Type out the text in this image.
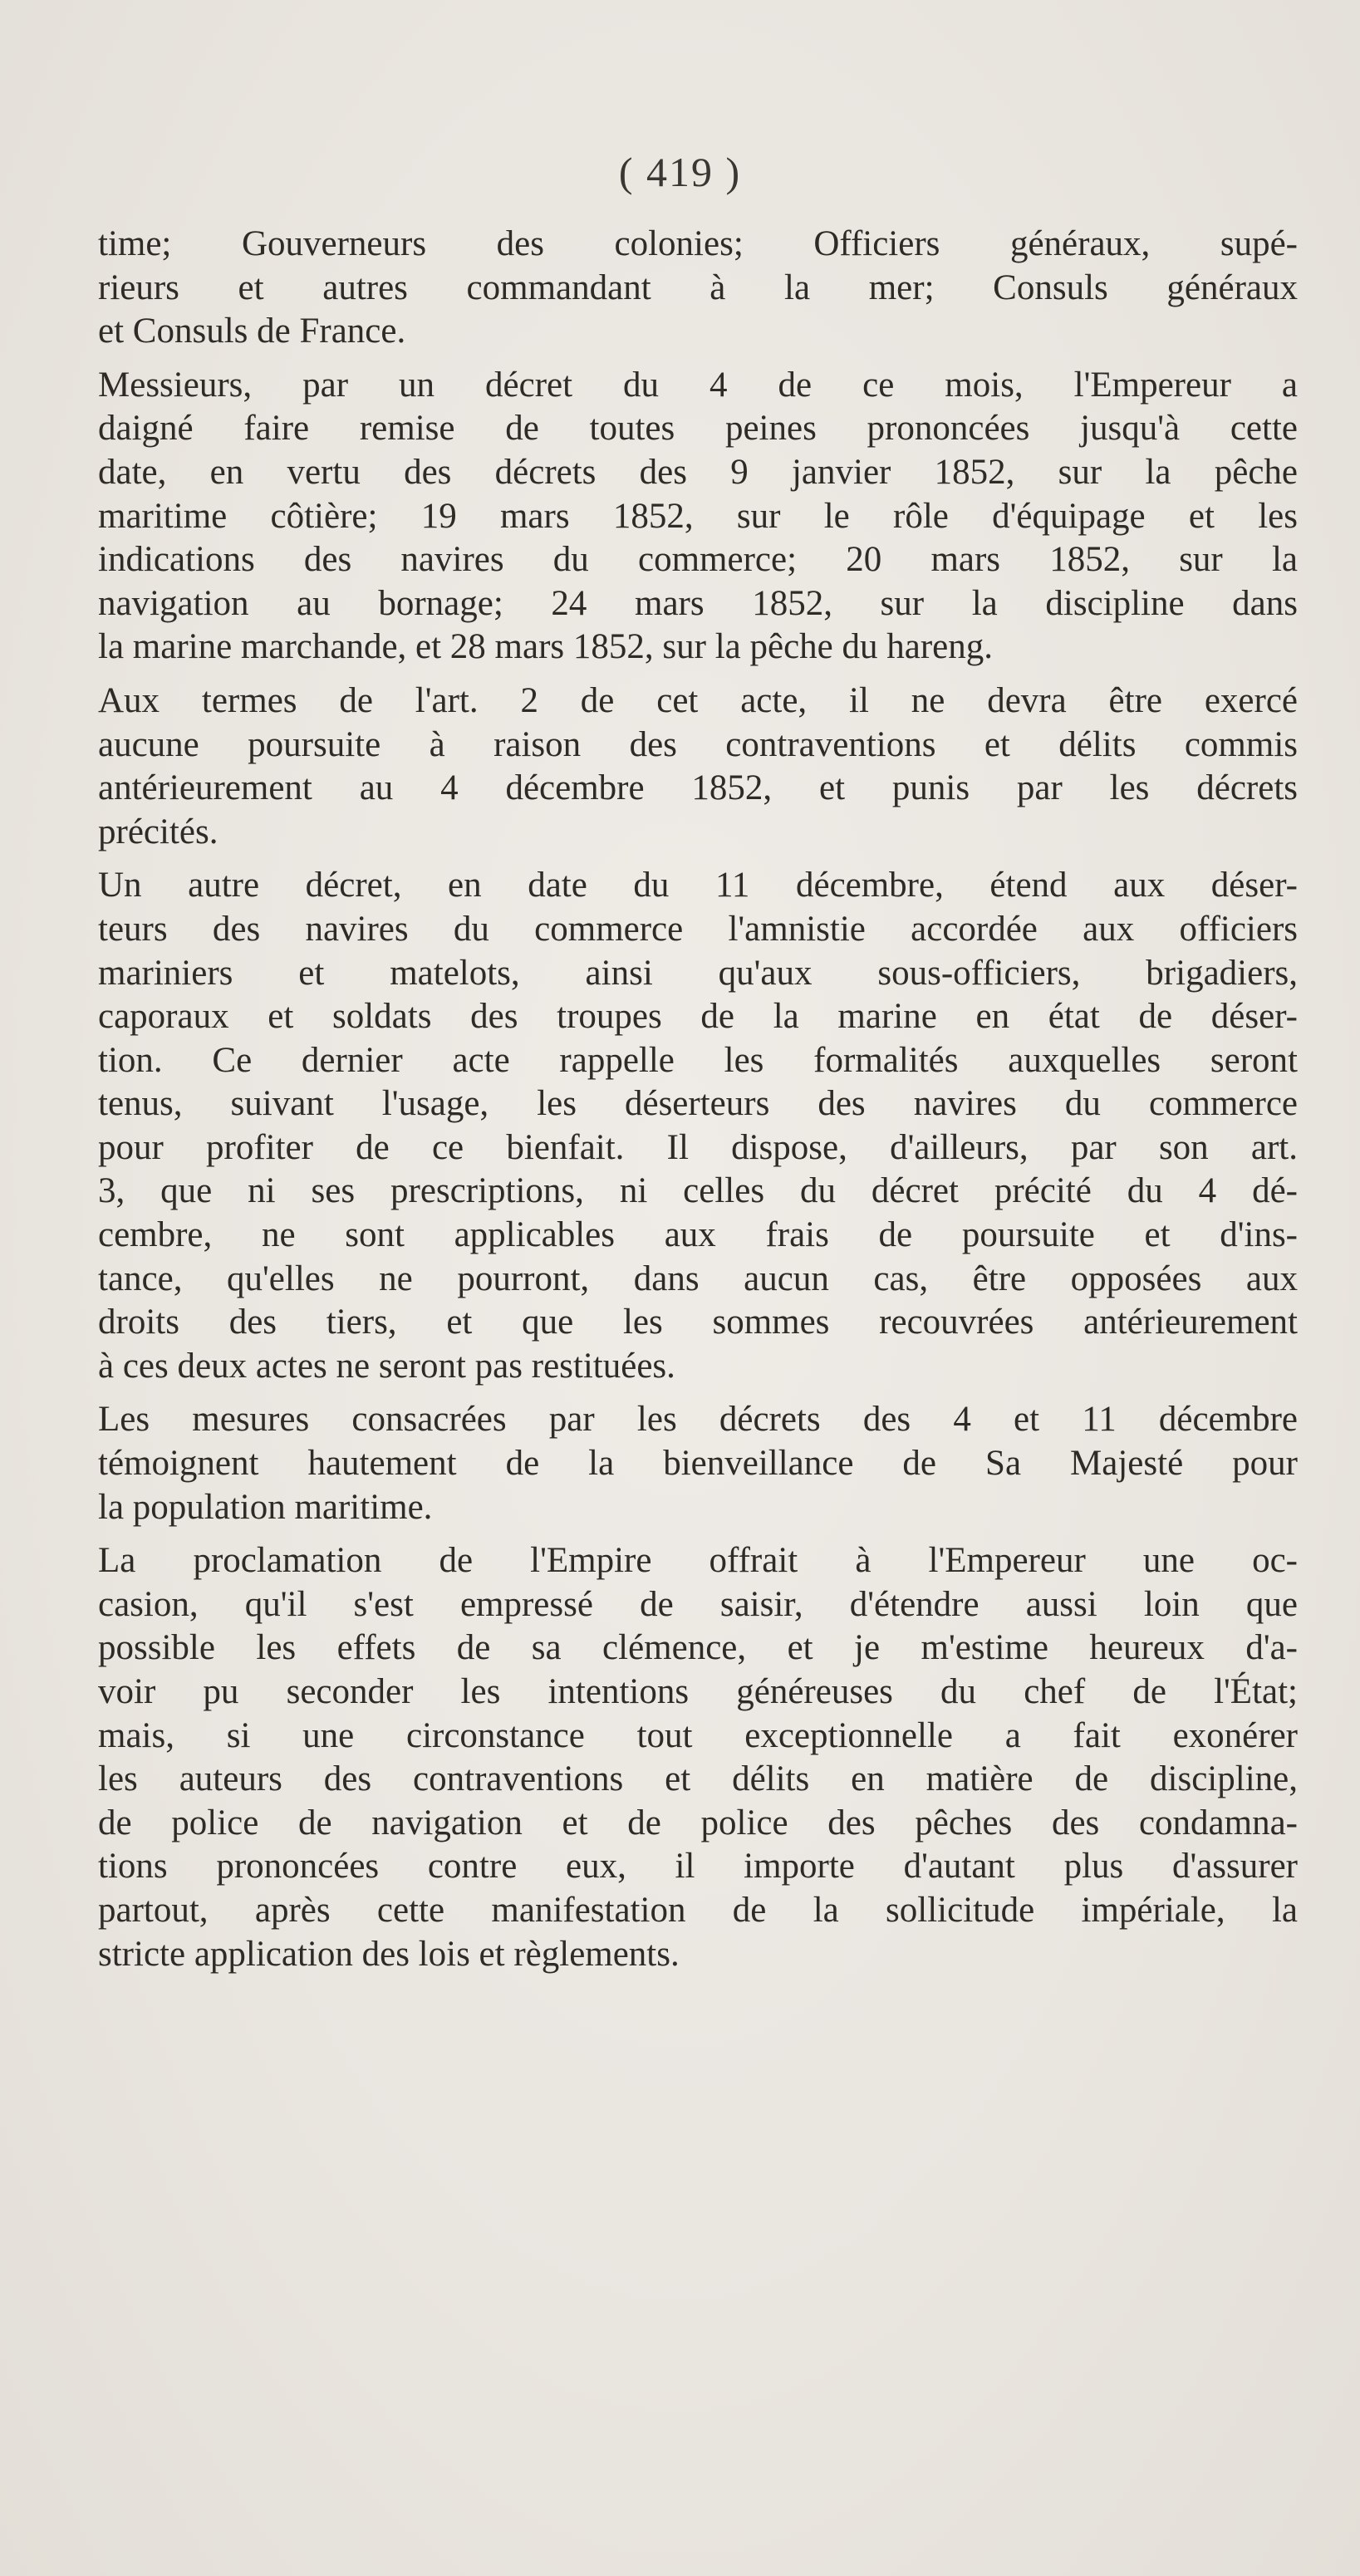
( 419 )
time; Gouverneurs des colonies; Officiers généraux, supé-
rieurs et autres commandant à la mer; Consuls généraux
et Consuls de France.
Messieurs, par un décret du 4 de ce mois, l'Empereur a
daigné faire remise de toutes peines prononcées jusqu'à cette
date, en vertu des décrets des 9 janvier 1852, sur la pêche
maritime côtière; 19 mars 1852, sur le rôle d'équipage et les
indications des navires du commerce; 20 mars 1852, sur la
navigation au bornage; 24 mars 1852, sur la discipline dans
la marine marchande, et 28 mars 1852, sur la pêche du hareng.
Aux termes de l'art. 2 de cet acte, il ne devra être exercé
aucune poursuite à raison des contraventions et délits commis
antérieurement au 4 décembre 1852, et punis par les décrets
précités.
Un autre décret, en date du 11 décembre, étend aux déser-
teurs des navires du commerce l'amnistie accordée aux officiers
mariniers et matelots, ainsi qu'aux sous-officiers, brigadiers,
caporaux et soldats des troupes de la marine en état de déser-
tion. Ce dernier acte rappelle les formalités auxquelles seront
tenus, suivant l'usage, les déserteurs des navires du commerce
pour profiter de ce bienfait. Il dispose, d'ailleurs, par son art.
3, que ni ses prescriptions, ni celles du décret précité du 4 dé-
cembre, ne sont applicables aux frais de poursuite et d'ins-
tance, qu'elles ne pourront, dans aucun cas, être opposées aux
droits des tiers, et que les sommes recouvrées antérieurement
à ces deux actes ne seront pas restituées.
Les mesures consacrées par les décrets des 4 et 11 décembre
témoignent hautement de la bienveillance de Sa Majesté pour
la population maritime.
La proclamation de l'Empire offrait à l'Empereur une oc-
casion, qu'il s'est empressé de saisir, d'étendre aussi loin que
possible les effets de sa clémence, et je m'estime heureux d'a-
voir pu seconder les intentions généreuses du chef de l'État;
mais, si une circonstance tout exceptionnelle a fait exonérer
les auteurs des contraventions et délits en matière de discipline,
de police de navigation et de police des pêches des condamna-
tions prononcées contre eux, il importe d'autant plus d'assurer
partout, après cette manifestation de la sollicitude impériale, la
stricte application des lois et règlements.
